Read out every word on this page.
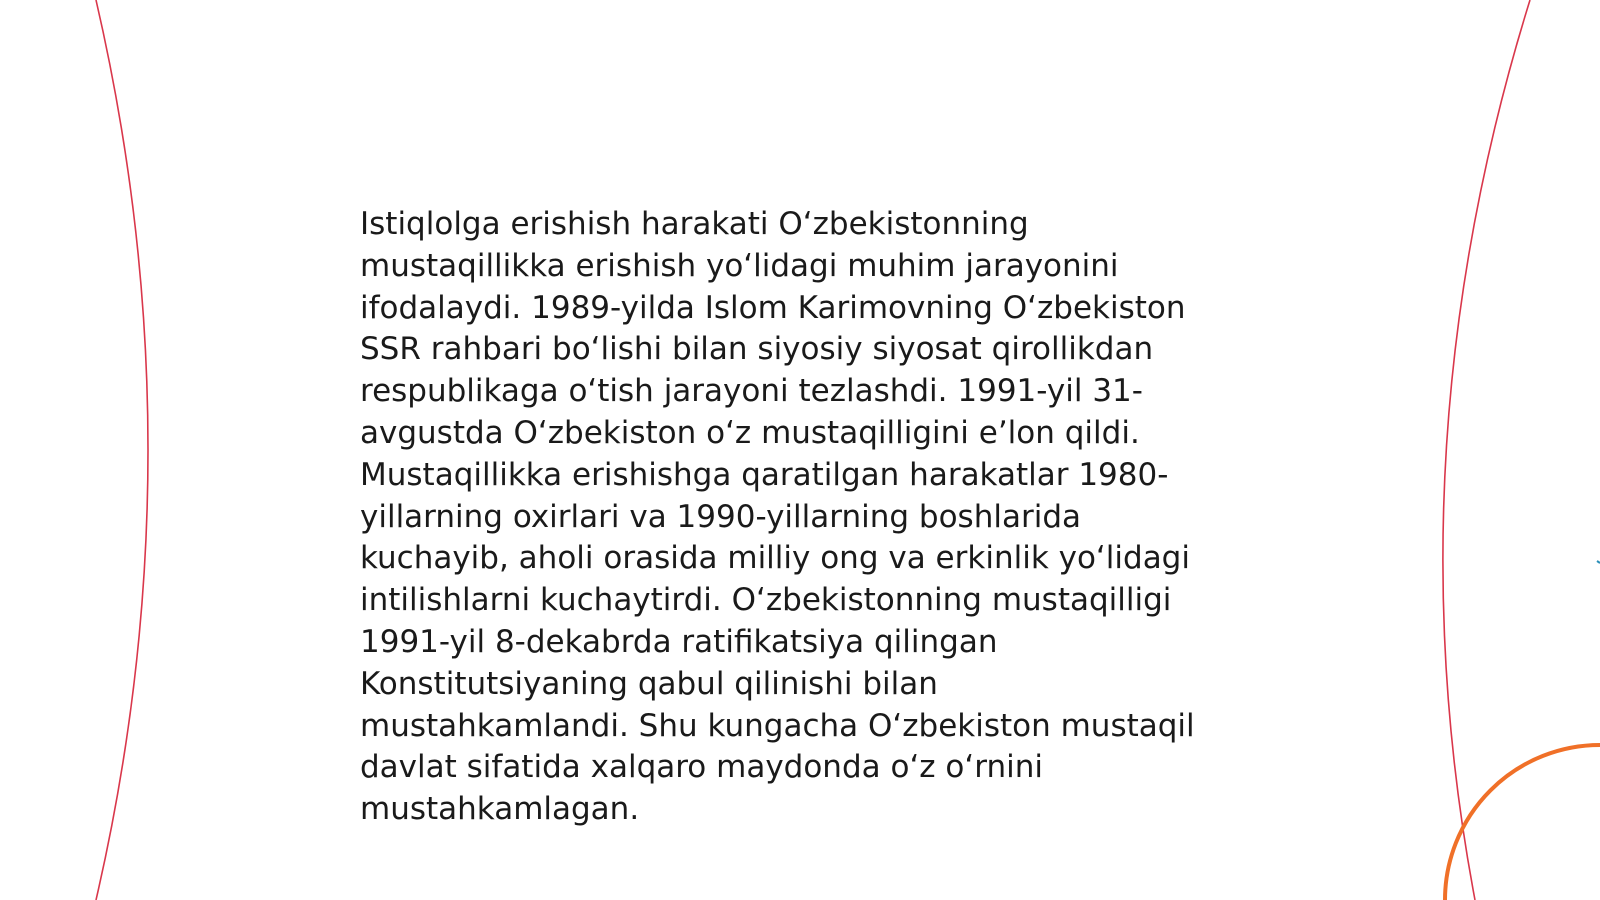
Istiqlolga erishish harakati O‘zbekistonning
mustaqillikka erishish yo‘lidagi muhim jarayonini
ifodalaydi. 1989-yilda Islom Karimovning O‘zbekiston
SSR rahbari bo‘lishi bilan siyosiy siyosat qirollikdan
respublikaga o‘tish jarayoni tezlashdi. 1991-yil 31-
avgustda O‘zbekiston o‘z mustaqilligini e’lon qildi.
Mustaqillikka erishishga qaratilgan harakatlar 1980-
yillarning oxirlari va 1990-yillarning boshlarida
kuchayib, aholi orasida milliy ong va erkinlik yo‘lidagi
intilishlarni kuchaytirdi. O‘zbekistonning mustaqilligi
1991-yil 8-dekabrda ratifikatsiya qilingan
Konstitutsiyaning qabul qilinishi bilan
mustahkamlandi. Shu kungacha O‘zbekiston mustaqil
davlat sifatida xalqaro maydonda o‘z o‘rnini
mustahkamlagan.
